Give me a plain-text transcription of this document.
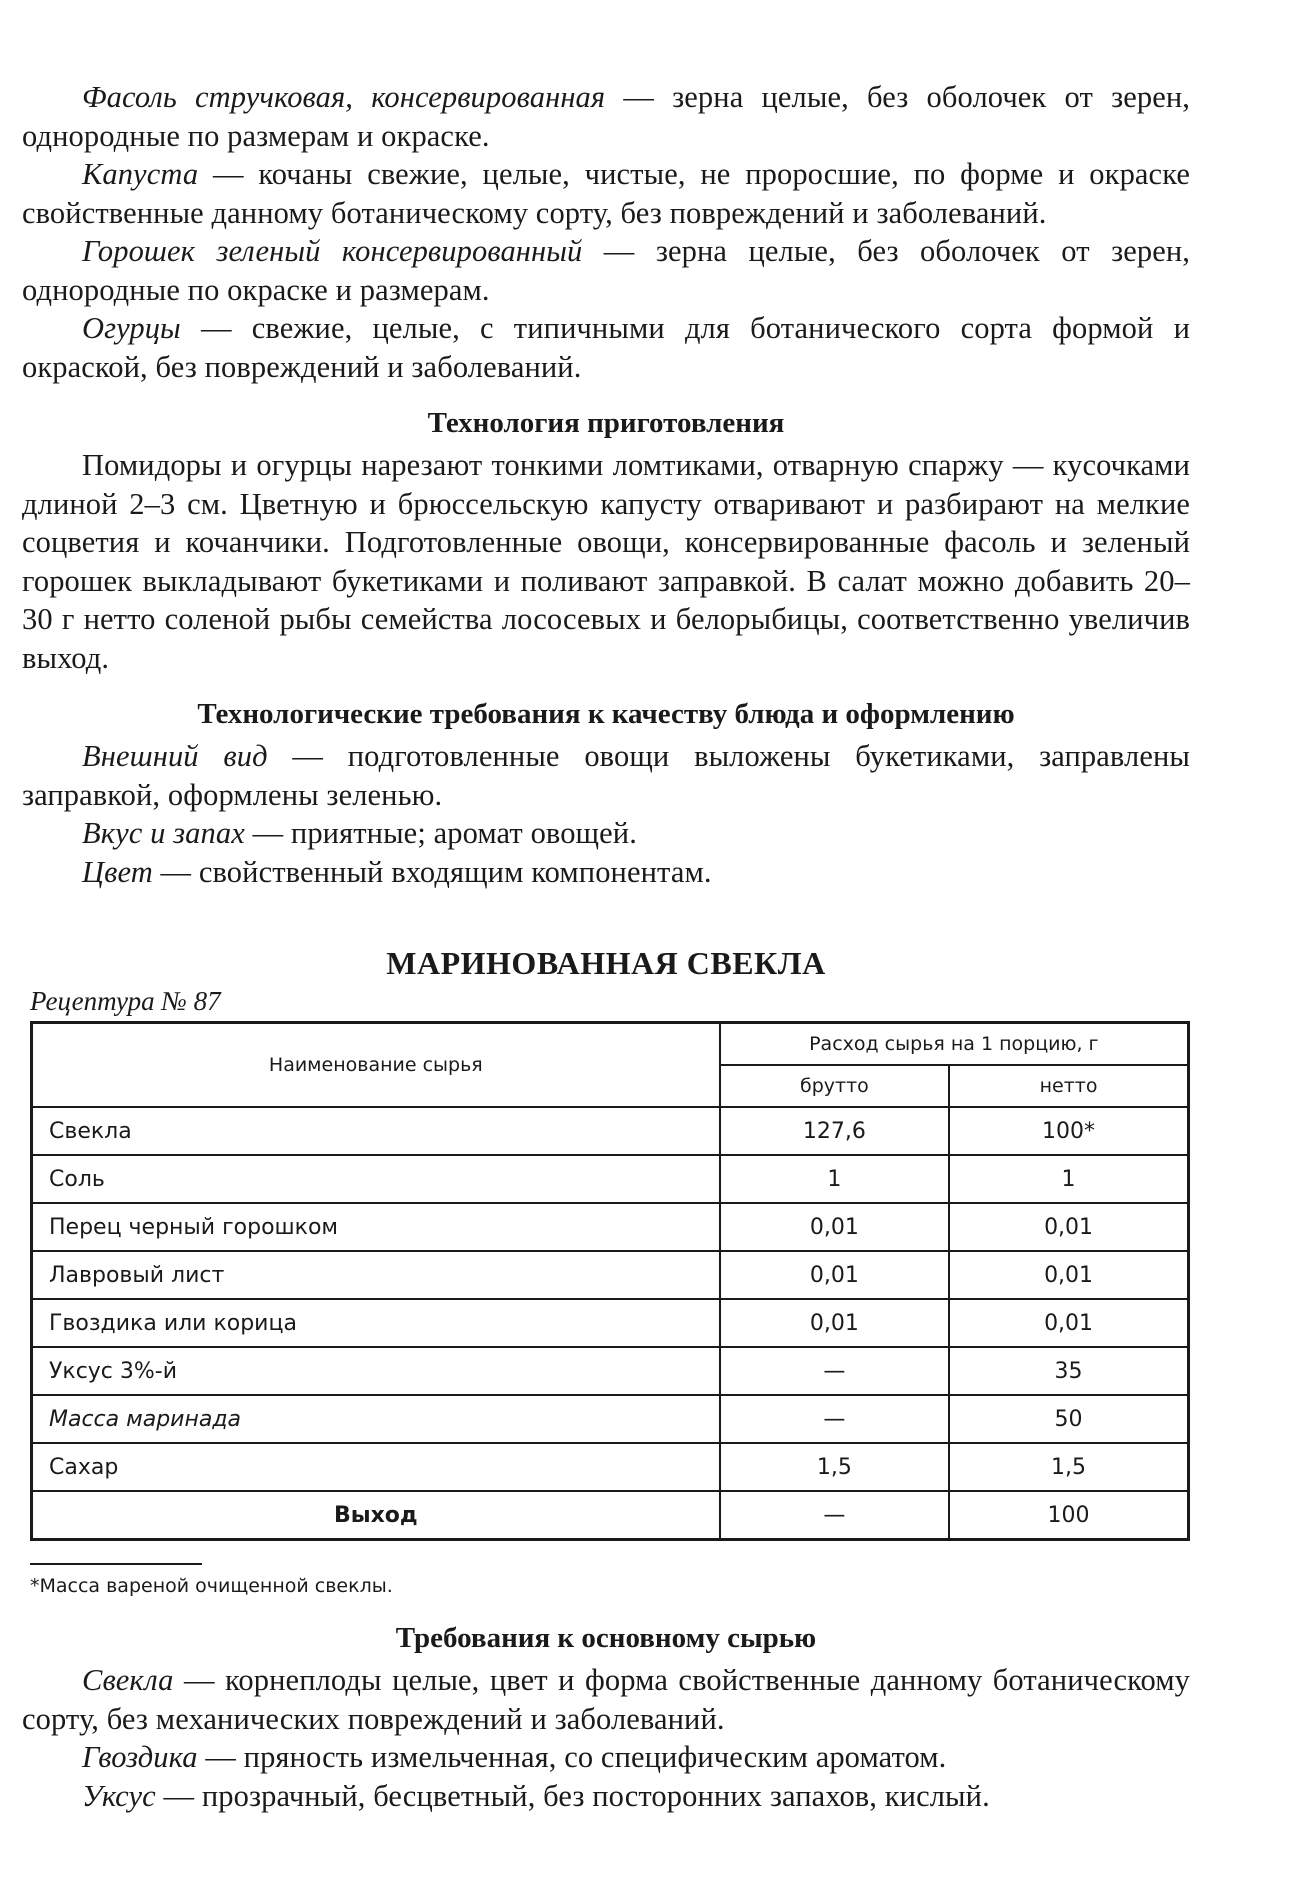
Фасоль стручковая, консервированная — зерна целые, без оболочек от зерен, однородные по размерам и окраске.

Капуста — кочаны свежие, целые, чистые, не проросшие, по форме и окраске свойственные данному ботаническому сорту, без повреждений и заболеваний.

Горошек зеленый консервированный — зерна целые, без оболочек от зерен, однородные по окраске и размерам.

Огурцы — свежие, целые, с типичными для ботанического сорта формой и окраской, без повреждений и заболеваний.

Технология приготовления

Помидоры и огурцы нарезают тонкими ломтиками, отварную спаржу — кусочками длиной 2–3 см. Цветную и брюссельскую капусту отваривают и разбирают на мелкие соцветия и кочанчики. Подготовленные овощи, консервированные фасоль и зеленый горошек выкладывают букетиками и поливают заправкой. В салат можно добавить 20–30 г нетто соленой рыбы семейства лососевых и белорыбицы, соответственно увеличив выход.

Технологические требования к качеству блюда и оформлению

Внешний вид — подготовленные овощи выложены букетиками, заправлены заправкой, оформлены зеленью.

Вкус и запах — приятные; аромат овощей.

Цвет — свойственный входящим компонентам.

МАРИНОВАННАЯ СВЕКЛА

Рецептура № 87

Наименование сырья	Расход сырья на 1 порцию, г	
	брутто	нетто
Свекла	127,6	100*
Соль	1	1
Перец черный горошком	0,01	0,01
Лавровый лист	0,01	0,01
Гвоздика или корица	0,01	0,01
Уксус 3%-й	—	35
Масса маринада	—	50
Сахар	1,5	1,5
Выход	—	100

*Масса вареной очищенной свеклы.

Требования к основному сырью

Свекла — корнеплоды целые, цвет и форма свойственные данному ботаническому сорту, без механических повреждений и заболеваний.

Гвоздика — пряность измельченная, со специфическим ароматом.

Уксус — прозрачный, бесцветный, без посторонних запахов, кислый.
